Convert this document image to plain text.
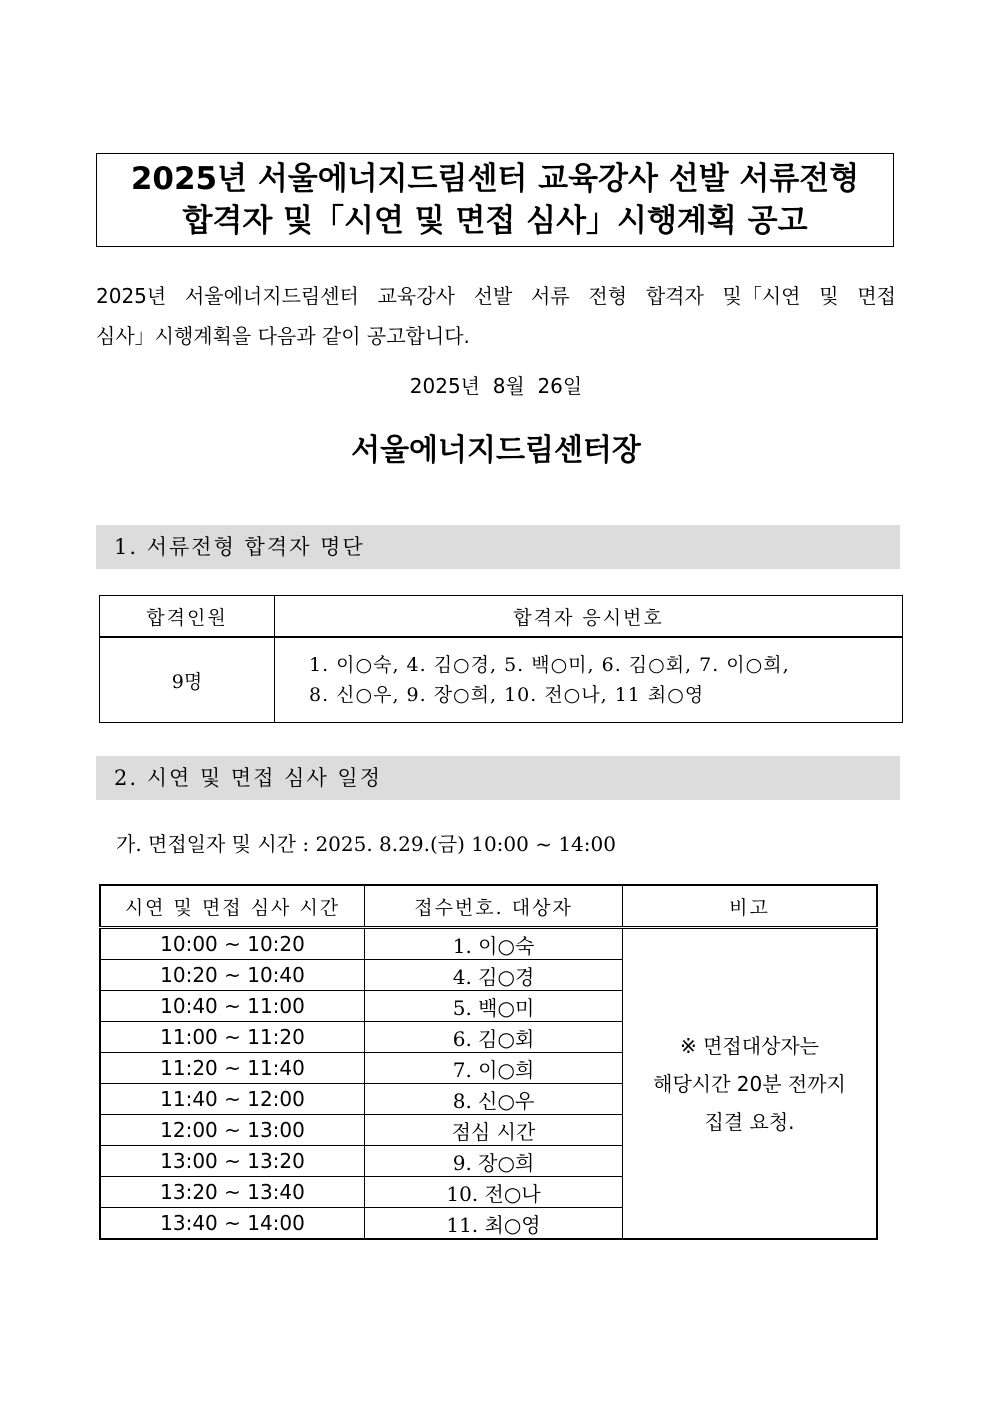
2025년 서울에너지드림센터 교육강사 선발 서류전형
합격자 및「시연 및 면접 심사」시행계획 공고
2025년 서울에너지드림센터 교육강사 선발 서류 전형 합격자 및「시연 및 면접
심사」시행계획을 다음과 같이 공고합니다.
2025년  8월  26일
서울에너지드림센터장
1. 서류전형 합격자 명단
합격인원	합격자 응시번호
9명	1. 이○숙, 4. 김○경, 5. 백○미, 6. 김○회, 7. 이○희,
8. 신○우, 9. 장○희, 10. 전○나, 11 최○영
2. 시연 및 면접 심사 일정
가. 면접일자 및 시간 : 2025. 8.29.(금) 10:00 ~ 14:00
시연 및 면접 심사 시간	접수번호. 대상자	비고
10:00 ~ 10:20	1. 이○숙	※ 면접대상자는
해당시간 20분 전까지
집결 요청.

10:20 ~ 10:40	4. 김○경	
10:40 ~ 11:00	5. 백○미	
11:00 ~ 11:20	6. 김○회	
11:20 ~ 11:40	7. 이○희	
11:40 ~ 12:00	8. 신○우	
12:00 ~ 13:00	점심 시간	
13:00 ~ 13:20	9. 장○희	
13:20 ~ 13:40	10. 전○나	
13:40 ~ 14:00	11. 최○영	
